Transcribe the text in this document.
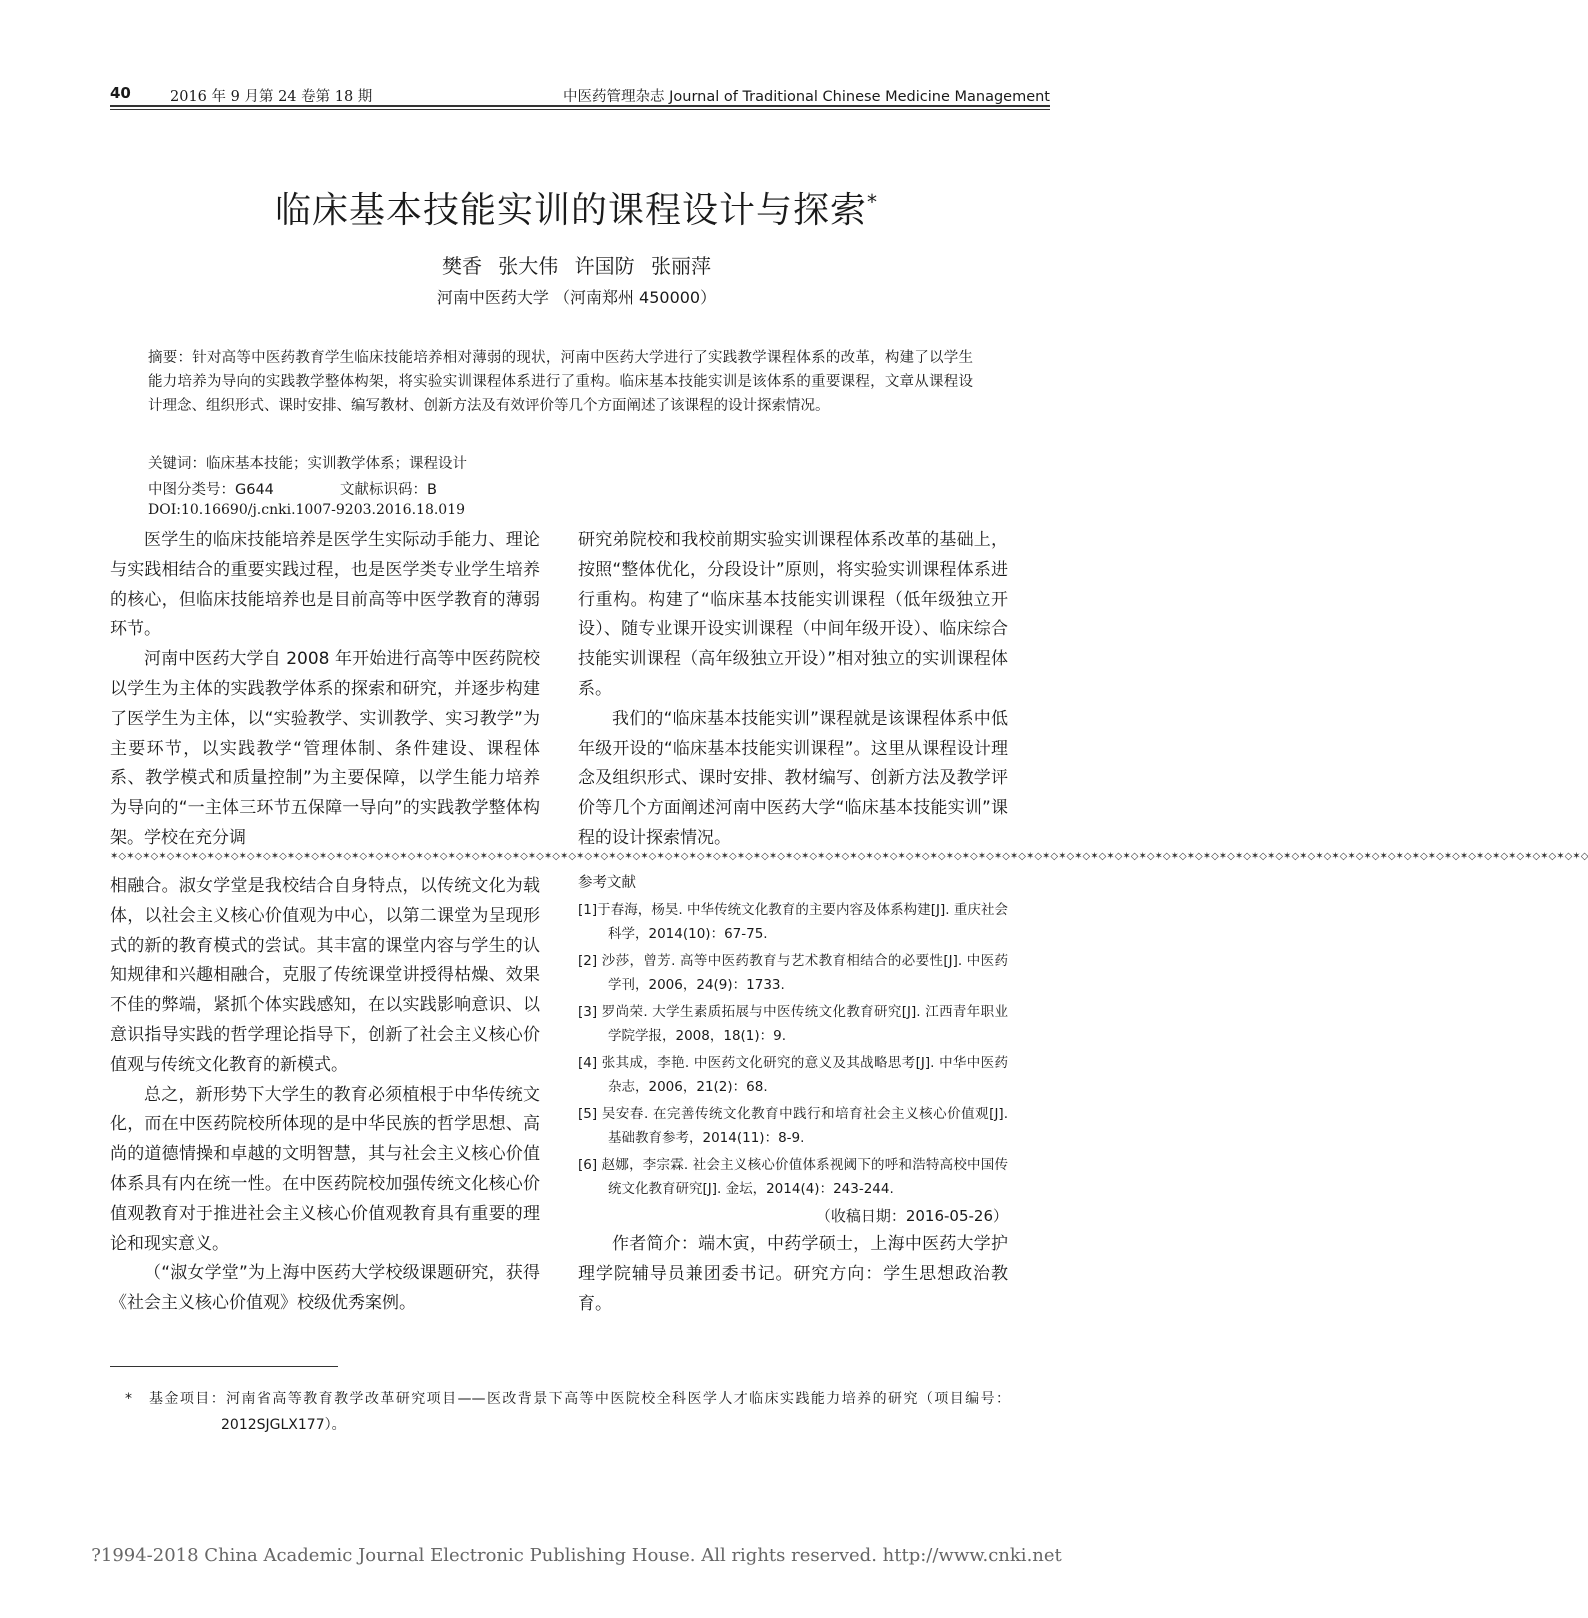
40	2016 年 9 月第 24 卷第 18 期	中医药管理杂志 Journal of Traditional Chinese Medicine Management
临床基本技能实训的课程设计与探索*
樊香 张大伟 许国防 张丽萍
河南中医药大学 （河南郑州 450000）
摘要：针对高等中医药教育学生临床技能培养相对薄弱的现状，河南中医药大学进行了实践教学课程体系的改革，构建了以学生能力培养为导向的实践教学整体构架，将实验实训课程体系进行了重构。临床基本技能实训是该体系的重要课程，文章从课程设计理念、组织形式、课时安排、编写教材、创新方法及有效评价等几个方面阐述了该课程的设计探索情况。
关键词：临床基本技能；实训教学体系；课程设计
中图分类号：G644	文献标识码：B
DOI:10.16690/j.cnki.1007-9203.2016.18.019

医学生的临床技能培养是医学生实际动手能力、理论与实践相结合的重要实践过程，也是医学类专业学生培养的核心，但临床技能培养也是目前高等中医学教育的薄弱环节。

河南中医药大学自 2008 年开始进行高等中医药院校以学生为主体的实践教学体系的探索和研究，并逐步构建了医学生为主体，以“实验教学、实训教学、实习教学”为主要环节，以实践教学“管理体制、条件建设、课程体系、教学模式和质量控制”为主要保障，以学生能力培养为导向的“一主体三环节五保障一导向”的实践教学整体构架。学校在充分调

研究弟院校和我校前期实验实训课程体系改革的基础上，按照“整体优化，分段设计”原则，将实验实训课程体系进行重构。构建了“临床基本技能实训课程（低年级独立开设）、随专业课开设实训课程（中间年级开设）、临床综合技能实训课程（高年级独立开设）”相对独立的实训课程体系。

我们的“临床基本技能实训”课程就是该课程体系中低年级开设的“临床基本技能实训课程”。这里从课程设计理念及组织形式、课时安排、教材编写、创新方法及教学评价等几个方面阐述河南中医药大学“临床基本技能实训”课程的设计探索情况。

✶◇✶◇✶◇✶◇✶◇✶◇✶◇✶◇✶◇✶◇✶◇✶◇✶◇✶◇✶◇✶◇✶◇✶◇✶◇✶◇✶◇✶◇✶◇✶◇✶◇✶◇✶◇✶◇✶◇✶◇✶◇✶◇✶◇✶◇✶◇✶◇✶◇✶◇✶◇✶◇✶◇✶◇✶◇✶◇✶◇✶◇✶◇✶◇✶◇✶◇✶◇✶◇✶◇✶◇✶◇✶◇✶◇✶◇✶◇✶◇✶◇✶◇✶◇✶◇✶◇✶◇✶◇✶◇✶◇✶◇✶◇✶◇✶◇✶◇✶◇✶◇✶◇✶◇✶◇✶◇✶◇✶◇✶◇✶◇✶◇✶◇✶◇✶◇✶◇✶◇✶◇✶◇

相融合。淑女学堂是我校结合自身特点，以传统文化为载体，以社会主义核心价值观为中心，以第二课堂为呈现形式的新的教育模式的尝试。其丰富的课堂内容与学生的认知规律和兴趣相融合，克服了传统课堂讲授得枯燥、效果不佳的弊端，紧抓个体实践感知，在以实践影响意识、以意识指导实践的哲学理论指导下，创新了社会主义核心价值观与传统文化教育的新模式。

总之，新形势下大学生的教育必须植根于中华传统文化，而在中医药院校所体现的是中华民族的哲学思想、高尚的道德情操和卓越的文明智慧，其与社会主义核心价值体系具有内在统一性。在中医药院校加强传统文化核心价值观教育对于推进社会主义核心价值观教育具有重要的理论和现实意义。

（“淑女学堂”为上海中医药大学校级课题研究，获得《社会主义核心价值观》校级优秀案例。

参考文献
[1]于春海，杨昊. 中华传统文化教育的主要内容及体系构建[J]. 重庆社会科学，2014(10)：67-75.
[2] 沙莎，曾芳. 高等中医药教育与艺术教育相结合的必要性[J]. 中医药学刊，2006，24(9)：1733.
[3] 罗尚荣. 大学生素质拓展与中医传统文化教育研究[J]. 江西青年职业学院学报，2008，18(1)：9.
[4] 张其成，李艳. 中医药文化研究的意义及其战略思考[J]. 中华中医药杂志，2006，21(2)：68.
[5] 吴安春. 在完善传统文化教育中践行和培育社会主义核心价值观[J]. 基础教育参考，2014(11)：8-9.
[6] 赵娜，李宗霖. 社会主义核心价值体系视阈下的呼和浩特高校中国传统文化教育研究[J]. 金坛，2014(4)：243-244.
（收稿日期：2016-05-26）
作者简介：端木寅，中药学硕士，上海中医药大学护理学院辅导员兼团委书记。研究方向：学生思想政治教育。
* 基金项目：河南省高等教育教学改革研究项目——医改背景下高等中医院校全科医学人才临床实践能力培养的研究（项目编号：2012SJGLX177）。
?1994-2018 China Academic Journal Electronic Publishing House. All rights reserved. http://www.cnki.net
